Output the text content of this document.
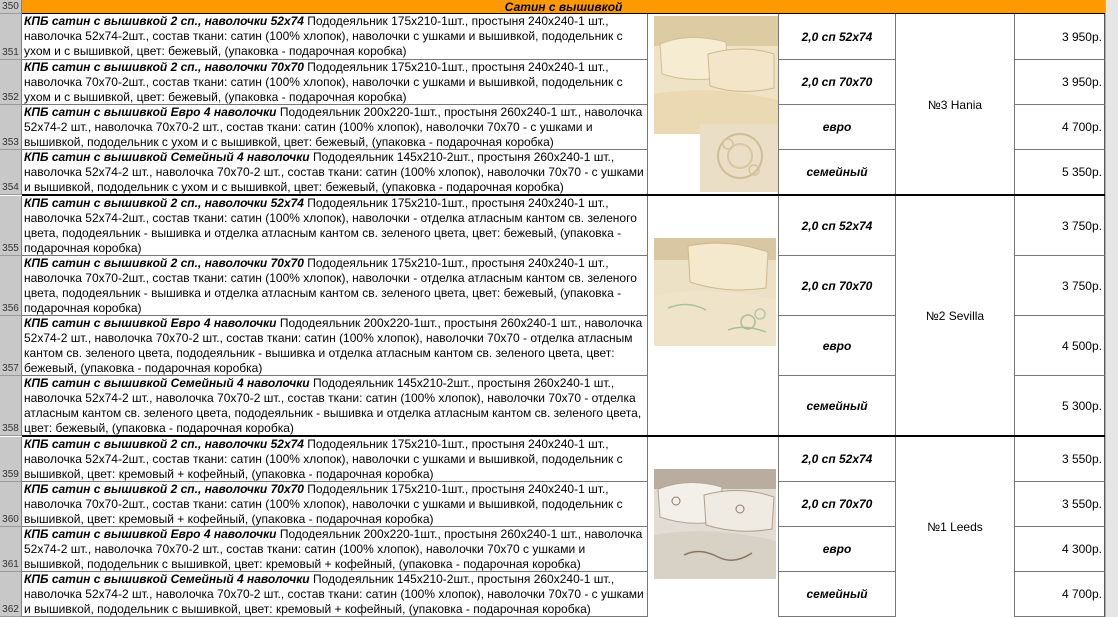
350	Сатин с вышивкой
351
352
353
354
КПБ сатин с вышивкой 2 сп., наволочки 52x74 Пододеяльник 175x210-1шт., простыня 240x240-1 шт., наволочка 52x74-2шт., состав ткани: сатин (100% хлопок), наволочки с ушками и вышивкой, пододельник с ухом и с вышивкой, цвет: бежевый, (упаковка - подарочная коробка)
КПБ сатин с вышивкой 2 сп., наволочки 70x70 Пододеяльник 175x210-1шт., простыня 240x240-1 шт., наволочка 70x70-2шт., состав ткани: сатин (100% хлопок), наволочки с ушками и вышивкой, пододельник с ухом и с вышивкой, цвет: бежевый, (упаковка - подарочная коробка)
КПБ сатин с вышивкой Евро 4 наволочки Пододеяльник 200x220-1шт., простыня 260x240-1 шт., наволочка 52x74-2 шт., наволочка 70x70-2 шт., состав ткани: сатин (100% хлопок), наволочки 70x70 - с ушками и вышивкой, пододельник с ухом и с вышивкой, цвет: бежевый, (упаковка - подарочная коробка)
КПБ сатин с вышивкой Семейный 4 наволочки Пододеяльник 145x210-2шт., простыня 260x240-1 шт., наволочка 52x74-2 шт., наволочка 70x70-2 шт., состав ткани: сатин (100% хлопок), наволочки 70x70 - с ушками и вышивкой, пододельник с ухом и с вышивкой, цвет: бежевый, (упаковка - подарочная коробка)
2,0 сп 52x74
2,0 сп 70x70
евро
семейный
№3 Hania
3 950р.
3 950р.
4 700р.
5 350р.
355
356
357
358
КПБ сатин с вышивкой 2 сп., наволочки 52x74 Пододеяльник 175x210-1шт., простыня 240x240-1 шт., наволочка 52x74-2шт., состав ткани: сатин (100% хлопок), наволочки - отделка атласным кантом св. зеленого цвета, пододеяльник - вышивка и отделка атласным кантом св. зеленого цвета, цвет: бежевый, (упаковка - подарочная коробка)
КПБ сатин с вышивкой 2 сп., наволочки 70x70 Пододеяльник 175x210-1шт., простыня 240x240-1 шт., наволочка 70x70-2шт., состав ткани: сатин (100% хлопок), наволочки - отделка атласным кантом св. зеленого цвета, пододеяльник - вышивка и отделка атласным кантом св. зеленого цвета, цвет: бежевый, (упаковка - подарочная коробка)
КПБ сатин с вышивкой Евро 4 наволочки Пододеяльник 200x220-1шт., простыня 260x240-1 шт., наволочка 52x74-2 шт., наволочка 70x70-2 шт., состав ткани: сатин (100% хлопок), наволочки 70x70 - отделка атласным кантом св. зеленого цвета, пододеяльник - вышивка и отделка атласным кантом св. зеленого цвета, цвет: бежевый, (упаковка - подарочная коробка)
КПБ сатин с вышивкой Семейный 4 наволочки Пододеяльник 145x210-2шт., простыня 260x240-1 шт., наволочка 52x74-2 шт., наволочка 70x70-2 шт., состав ткани: сатин (100% хлопок), наволочки 70x70 - отделка атласным кантом св. зеленого цвета, пододеяльник - вышивка и отделка атласным кантом св. зеленого цвета, цвет: бежевый, (упаковка - подарочная коробка)
2,0 сп 52x74
2,0 сп 70x70
евро
семейный
№2 Sevilla
3 750р.
3 750р.
4 500р.
5 300р.
359
360
361
362
КПБ сатин с вышивкой 2 сп., наволочки 52x74 Пододеяльник 175x210-1шт., простыня 240x240-1 шт., наволочка 52x74-2шт., состав ткани: сатин (100% хлопок), наволочки с ушками и вышивкой, пододельник с вышивкой, цвет: кремовый + кофейный, (упаковка - подарочная коробка)
КПБ сатин с вышивкой 2 сп., наволочки 70x70 Пододеяльник 175x210-1шт., простыня 240x240-1 шт., наволочка 70x70-2шт., состав ткани: сатин (100% хлопок), наволочки с ушками и вышивкой, пододельник с вышивкой, цвет: кремовый + кофейный, (упаковка - подарочная коробка)
КПБ сатин с вышивкой Евро 4 наволочки Пододеяльник 200x220-1шт., простыня 260x240-1 шт., наволочка 52x74-2 шт., наволочка 70x70-2 шт., состав ткани: сатин (100% хлопок), наволочки 70x70 с ушками и вышивкой, пододельник с вышивкой, цвет: кремовый + кофейный, (упаковка - подарочная коробка)
КПБ сатин с вышивкой Семейный 4 наволочки Пододеяльник 145x210-2шт., простыня 260x240-1 шт., наволочка 52x74-2 шт., наволочка 70x70-2 шт., состав ткани: сатин (100% хлопок), наволочки 70x70 - с ушками и вышивкой, пододельник с вышивкой, цвет: кремовый + кофейный, (упаковка - подарочная коробка)
2,0 сп 52x74
2,0 сп 70x70
евро
семейный
№1 Leeds
3 550р.
3 550р.
4 300р.
4 700р.
